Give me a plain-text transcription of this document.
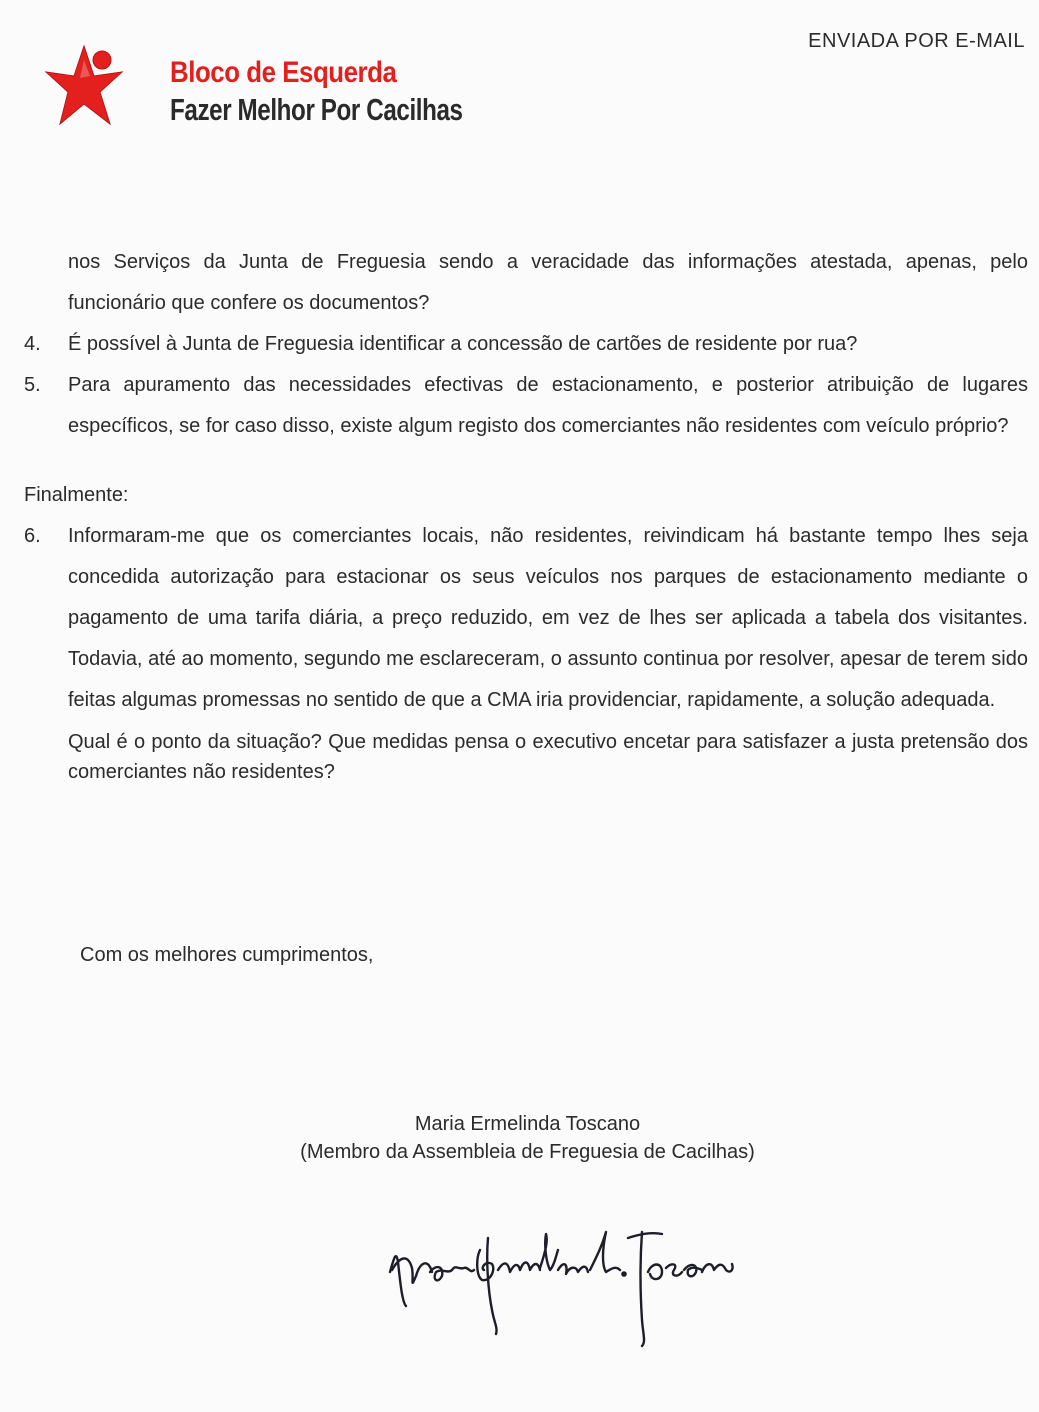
ENVIADA POR E-MAIL
Bloco de Esquerda
Fazer Melhor Por Cacilhas

nos Serviços da Junta de Freguesia sendo a veracidade das informações atestada, apenas, pelo funcionário que confere os documentos?

4. É possível à Junta de Freguesia identificar a concessão de cartões de residente por rua?

5. Para apuramento das necessidades efectivas de estacionamento, e posterior atribuição de lugares específicos, se for caso disso, existe algum registo dos comerciantes não residentes com veículo próprio?

Finalmente:

6. Informaram-me que os comerciantes locais, não residentes, reivindicam há bastante tempo lhes seja concedida autorização para estacionar os seus veículos nos parques de estacionamento mediante o pagamento de uma tarifa diária, a preço reduzido, em vez de lhes ser aplicada a tabela dos visitantes. Todavia, até ao momento, segundo me esclareceram, o assunto continua por resolver, apesar de terem sido feitas algumas promessas no sentido de que a CMA iria providenciar, rapidamente, a solução adequada.

Qual é o ponto da situação? Que medidas pensa o executivo encetar para satisfazer a justa pretensão dos comerciantes não residentes?

Com os melhores cumprimentos,
Maria Ermelinda Toscano
(Membro da Assembleia de Freguesia de Cacilhas)
